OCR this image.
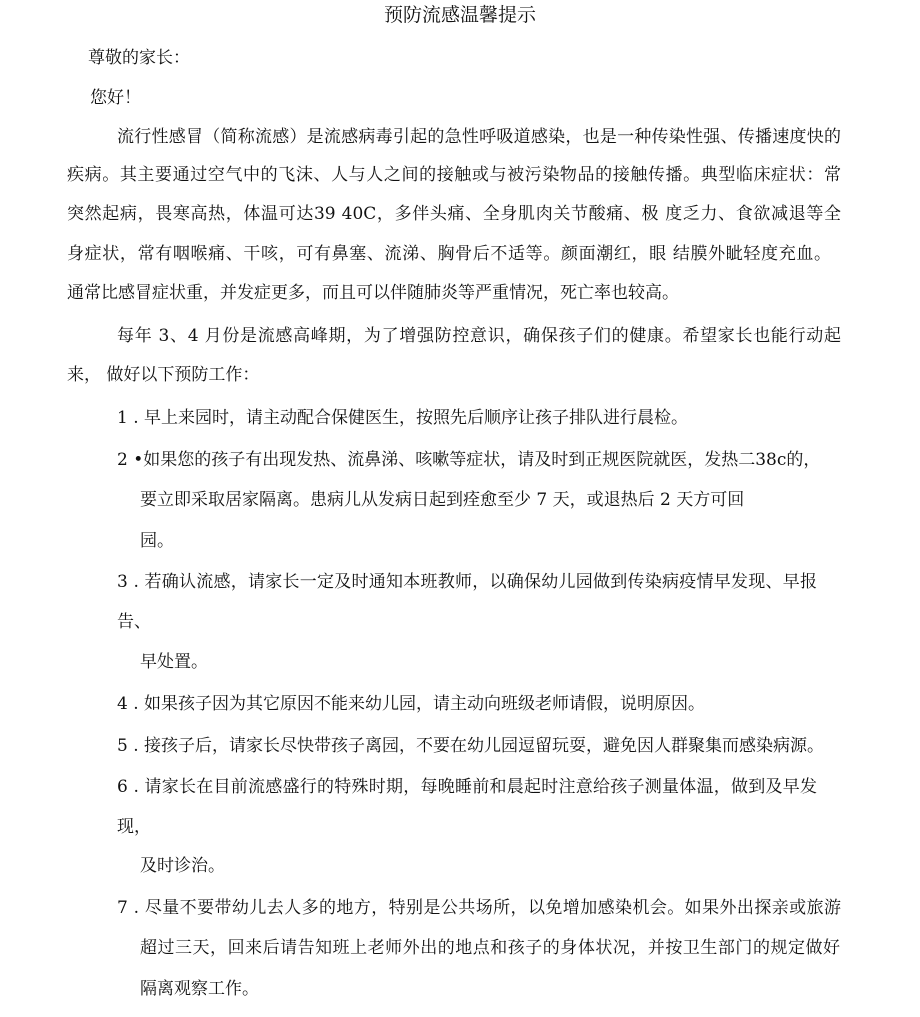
预防流感温馨提示
尊敬的家长：
您好！
流行性感冒（简称流感）是流感病毒引起的急性呼吸道感染，也是一种传染性强、传播速度快的
疾病。其主要通过空气中的飞沫、人与人之间的接触或与被污染物品的接触传播。典型临床症状：常
突然起病，畏寒高热，体温可达39 40C，多伴头痛、全身肌肉关节酸痛、极 度乏力、食欲减退等全
身症状，常有咽喉痛、干咳，可有鼻塞、流涕、胸骨后不适等。颜面潮红，眼 结膜外眦轻度充血。
通常比感冒症状重，并发症更多，而且可以伴随肺炎等严重情况，死亡率也较高。
每年 3、4 月份是流感高峰期，为了增强防控意识，确保孩子们的健康。希望家长也能行动起
来， 做好以下预防工作：
1 . 早上来园时，请主动配合保健医生，按照先后顺序让孩子排队进行晨检。
2 •如果您的孩子有出现发热、流鼻涕、咳嗽等症状，请及时到正规医院就医，发热二38c的，
要立即采取居家隔离。患病儿从发病日起到痊愈至少 7 天，或退热后 2 天方可回
园。
3 . 若确认流感，请家长一定及时通知本班教师，以确保幼儿园做到传染病疫情早发现、早报
告、
早处置。
4 . 如果孩子因为其它原因不能来幼儿园，请主动向班级老师请假，说明原因。
5 . 接孩子后，请家长尽快带孩子离园，不要在幼儿园逗留玩耍，避免因人群聚集而感染病源。
6 . 请家长在目前流感盛行的特殊时期，每晚睡前和晨起时注意给孩子测量体温，做到及早发
现，
及时诊治。
7 . 尽量不要带幼儿去人多的地方，特别是公共场所，以免增加感染机会。如果外出探亲或旅游
超过三天，回来后请告知班上老师外出的地点和孩子的身体状况，并按卫生部门的规定做好
隔离观察工作。
